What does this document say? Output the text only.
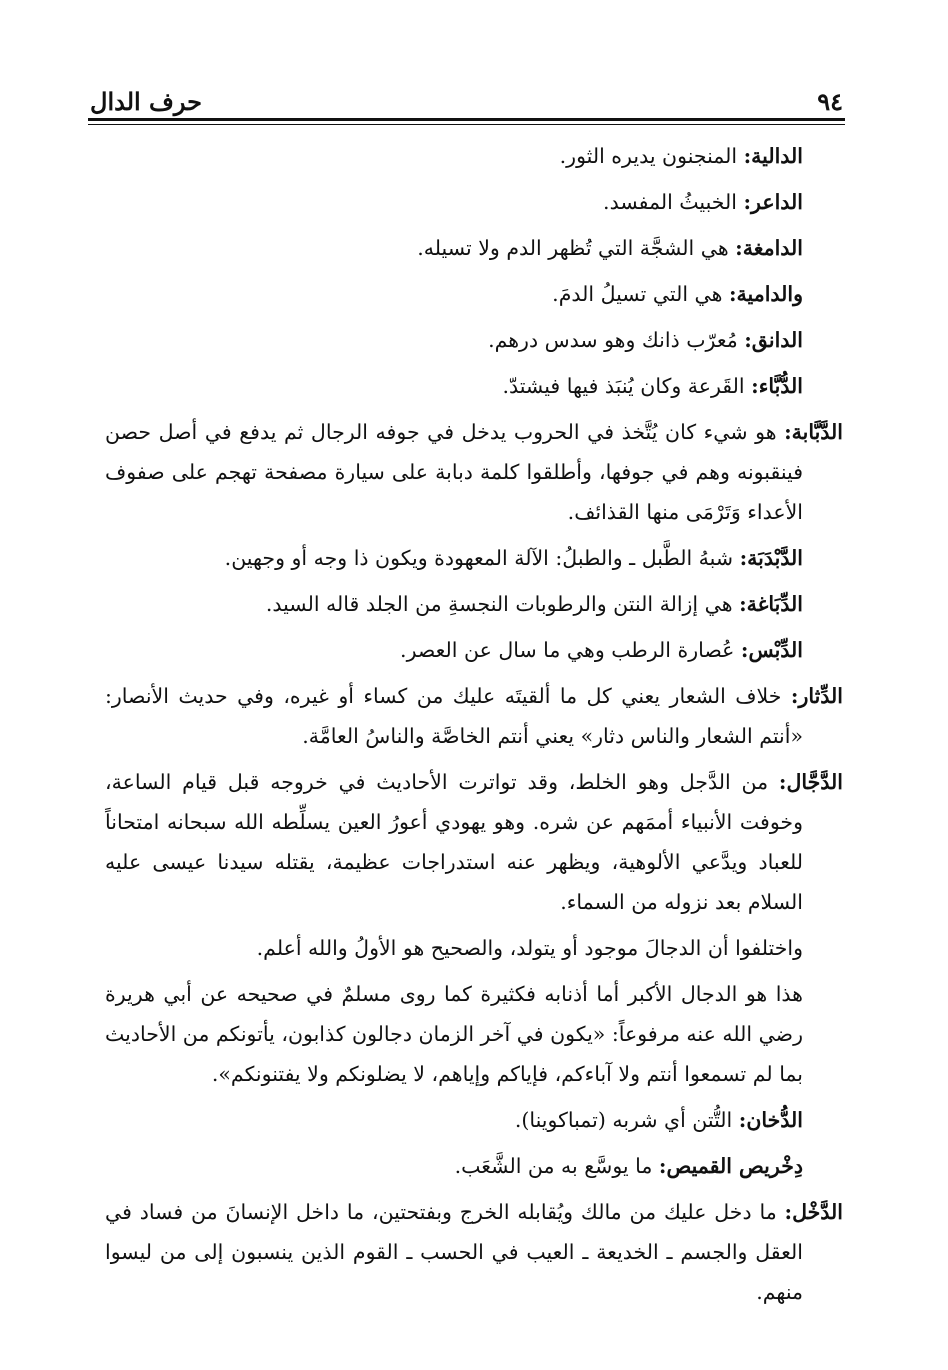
٩٤
حرف الدال

الدالية: المنجنون يديره الثور.

الداعر: الخبيثُ المفسد.

الدامغة: هي الشجَّة التي تُظهر الدم ولا تسيله.

والدامية: هي التي تسيلُ الدمَ.

الدانق: مُعرّب ذانك وهو سدس درهم.

الدُّبَّاء: القَرعة وكان يُنبَذ فيها فيشتدّ.

الدَّبَّابة: هو شيء كان يُتَّخذ في الحروب يدخل في جوفه الرجال ثم يدفع في أصل حصن فينقبونه وهم في جوفها، وأطلقوا كلمة دبابة على سيارة مصفحة تهجم على صفوف الأعداء وَتَرْمَى منها القذائف.

الدَّبْدَبَة: شبهُ الطَّبل ـ والطبلُ: الآلة المعهودة ويكون ذا وجه أو وجهين.

الدِّبَاغة: هي إزالة النتن والرطوبات النجسةِ من الجلد قاله السيد.

الدِّبْس: عُصارة الرطب وهي ما سال عن العصر.

الدِّثار: خلاف الشعار يعني كل ما ألقيتَه عليك من كساء أو غيره، وفي حديث الأنصار: «أنتم الشعار والناس دثار» يعني أنتم الخاصَّة والناسُ العامَّة.

الدَّجَّال: من الدَّجل وهو الخلط، وقد تواترت الأحاديث في خروجه قبل قيام الساعة، وخوفت الأنبياء أممَهم عن شره. وهو يهودي أعورُ العين يسلِّطه الله سبحانه امتحاناً للعباد ويدَّعي الألوهية، ويظهر عنه استدراجات عظيمة، يقتله سيدنا عيسى عليه السلام بعد نزوله من السماء.

واختلفوا أن الدجالَ موجود أو يتولد، والصحيح هو الأولُ والله أعلم.

هذا هو الدجال الأكبر أما أذنابه فكثيرة كما روى مسلمٌ في صحيحه عن أبي هريرة رضي الله عنه مرفوعاً: «يكون في آخر الزمان دجالون كذابون، يأتونكم من الأحاديث بما لم تسمعوا أنتم ولا آباءكم، فإياكم وإياهم، لا يضلونكم ولا يفتنونكم».

الدُّخان: التُّتن أي شربه (تمباكوينا).

دِخْريص القميص: ما يوسَّع به من الشَّعَب.

الدَّخْل: ما دخل عليك من مالك ويُقابله الخرج وبفتحتين، ما داخل الإنسانَ من فساد في العقل والجسم ـ الخديعة ـ العيب في الحسب ـ القوم الذين ينسبون إلى من ليسوا منهم.
